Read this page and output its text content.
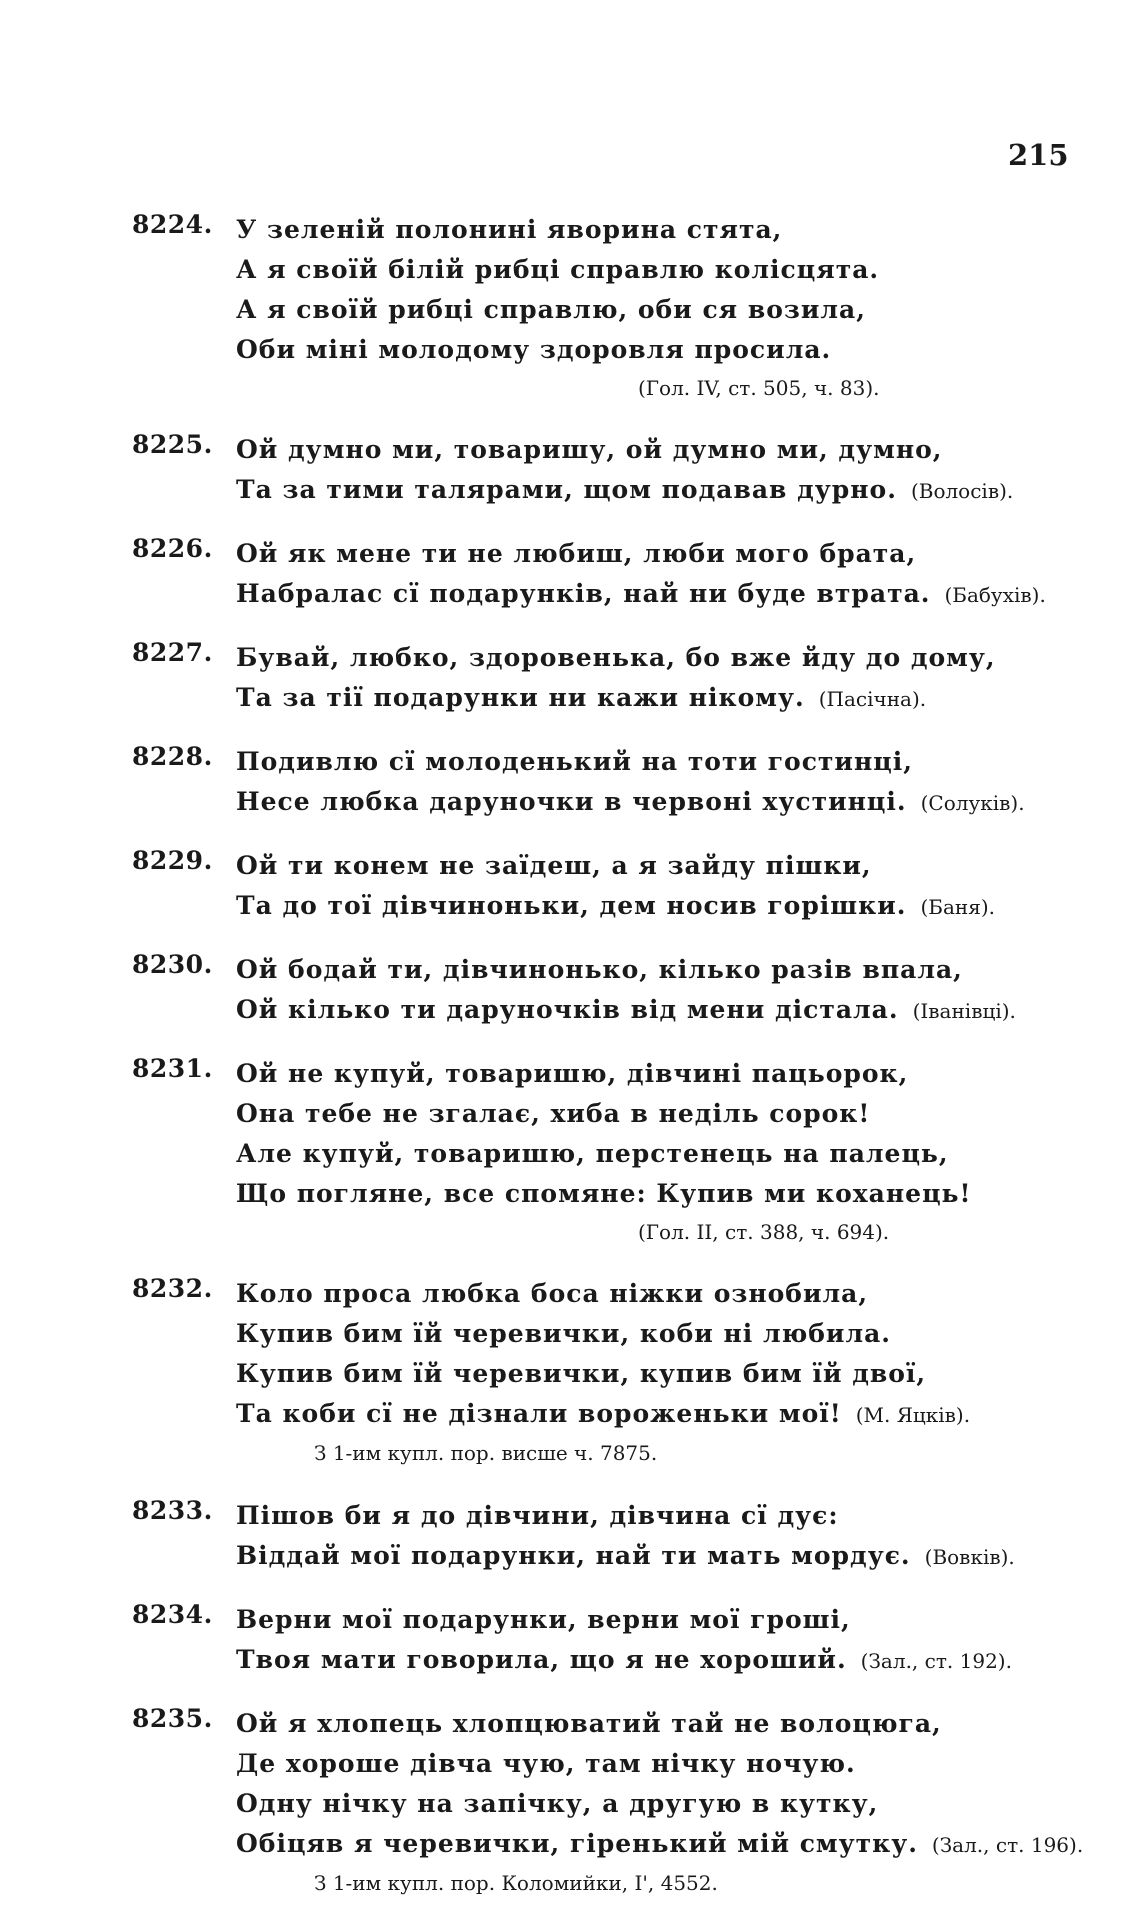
215
8224. У зеленій полонині яворина стята,
А я своїй білій рибці справлю колісцята.
А я своїй рибці справлю, оби ся возила,
Оби міні молодому здоровля просила.
(Гол. IV, ст. 505, ч. 83).
8225. Ой думно ми, товаришу, ой думно ми, думно,
Та за тими талярами, щом подавав дурно. (Волосів).
8226. Ой як мене ти не любиш, люби мого брата,
Набралас сї подарунків, най ни буде втрата. (Бабухів).
8227. Бувай, любко, здоровенька, бо вже йду до дому,
Та за тії подарунки ни кажи нікому. (Пасічна).
8228. Подивлю сї молоденький на тоти гостинці,
Несе любка даруночки в червоні хустинці. (Солуків).
8229. Ой ти конем не заїдеш, а я зайду пішки,
Та до тої дівчиноньки, дем носив горішки. (Баня).
8230. Ой бодай ти, дівчинонько, кілько разів впала,
Ой кілько ти даруночків від мени дістала. (Іванівці).
8231. Ой не купуй, товаришю, дівчині пацьорок,
Она тебе не згалає, хиба в неділь сорок!
Але купуй, товаришю, перстенець на палець,
Що погляне, все спомяне: Купив ми коханець!
(Гол. II, ст. 388, ч. 694).
8232. Коло проса любка боса ніжки ознобила,
Купив бим їй черевички, коби ні любила.
Купив бим їй черевички, купив бим їй двої,
Та коби сї не дізнали вороженьки мої! (М. Яцків).
З 1-им купл. пор. висше ч. 7875.
8233. Пішов би я до дівчини, дівчина сї дує:
Віддай мої подарунки, най ти мать мордує. (Вовків).
8234. Верни мої подарунки, верни мої гроші,
Твоя мати говорила, що я не хороший. (Зал., ст. 192).
8235. Ой я хлопець хлопцюватий тай не волоцюга,
Де хороше дівча чую, там нічку ночую.
Одну нічку на запічку, а другую в кутку,
Обіцяв я черевички, гіренький мій смутку. (Зал., ст. 196).
З 1-им купл. пор. Коломийки, I', 4552.
